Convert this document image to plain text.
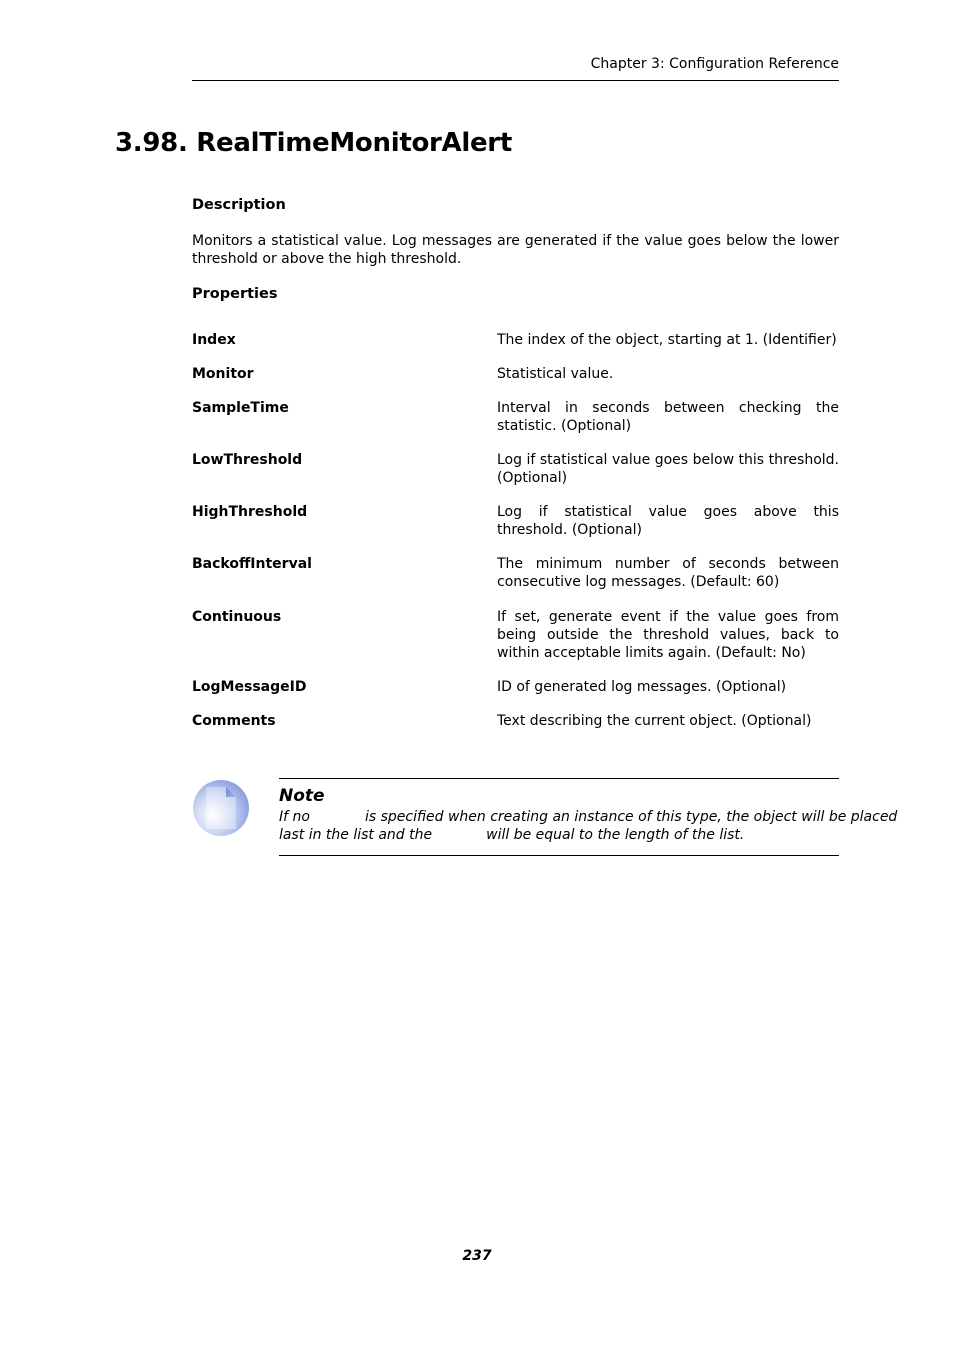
Chapter 3: Configuration Reference
3.98. RealTimeMonitorAlert
Description

Monitors a statistical value. Log messages are generated if the value goes below the lower threshold or above the high threshold.

Properties
Index	The index of the object, starting at 1. (Identifier)
Monitor	Statistical value.
SampleTime	Interval in seconds between checking the statistic. (Optional)
LowThreshold	Log if statistical value goes below this threshold. (Optional)
HighThreshold	Log if statistical value goes above this threshold. (Optional)
BackoffInterval	The minimum number of seconds between consecutive log messages. (Default: 60)
Continuous	If set, generate event if the value goes from being outside the threshold values, back to within acceptable limits again. (Default: No)
LogMessageID	ID of generated log messages. (Optional)
Comments	Text describing the current object. (Optional)
Note
If no	is specified when creating an instance of this type, the object will be placed
last in the list and the	will be equal to the length of the list.
237
